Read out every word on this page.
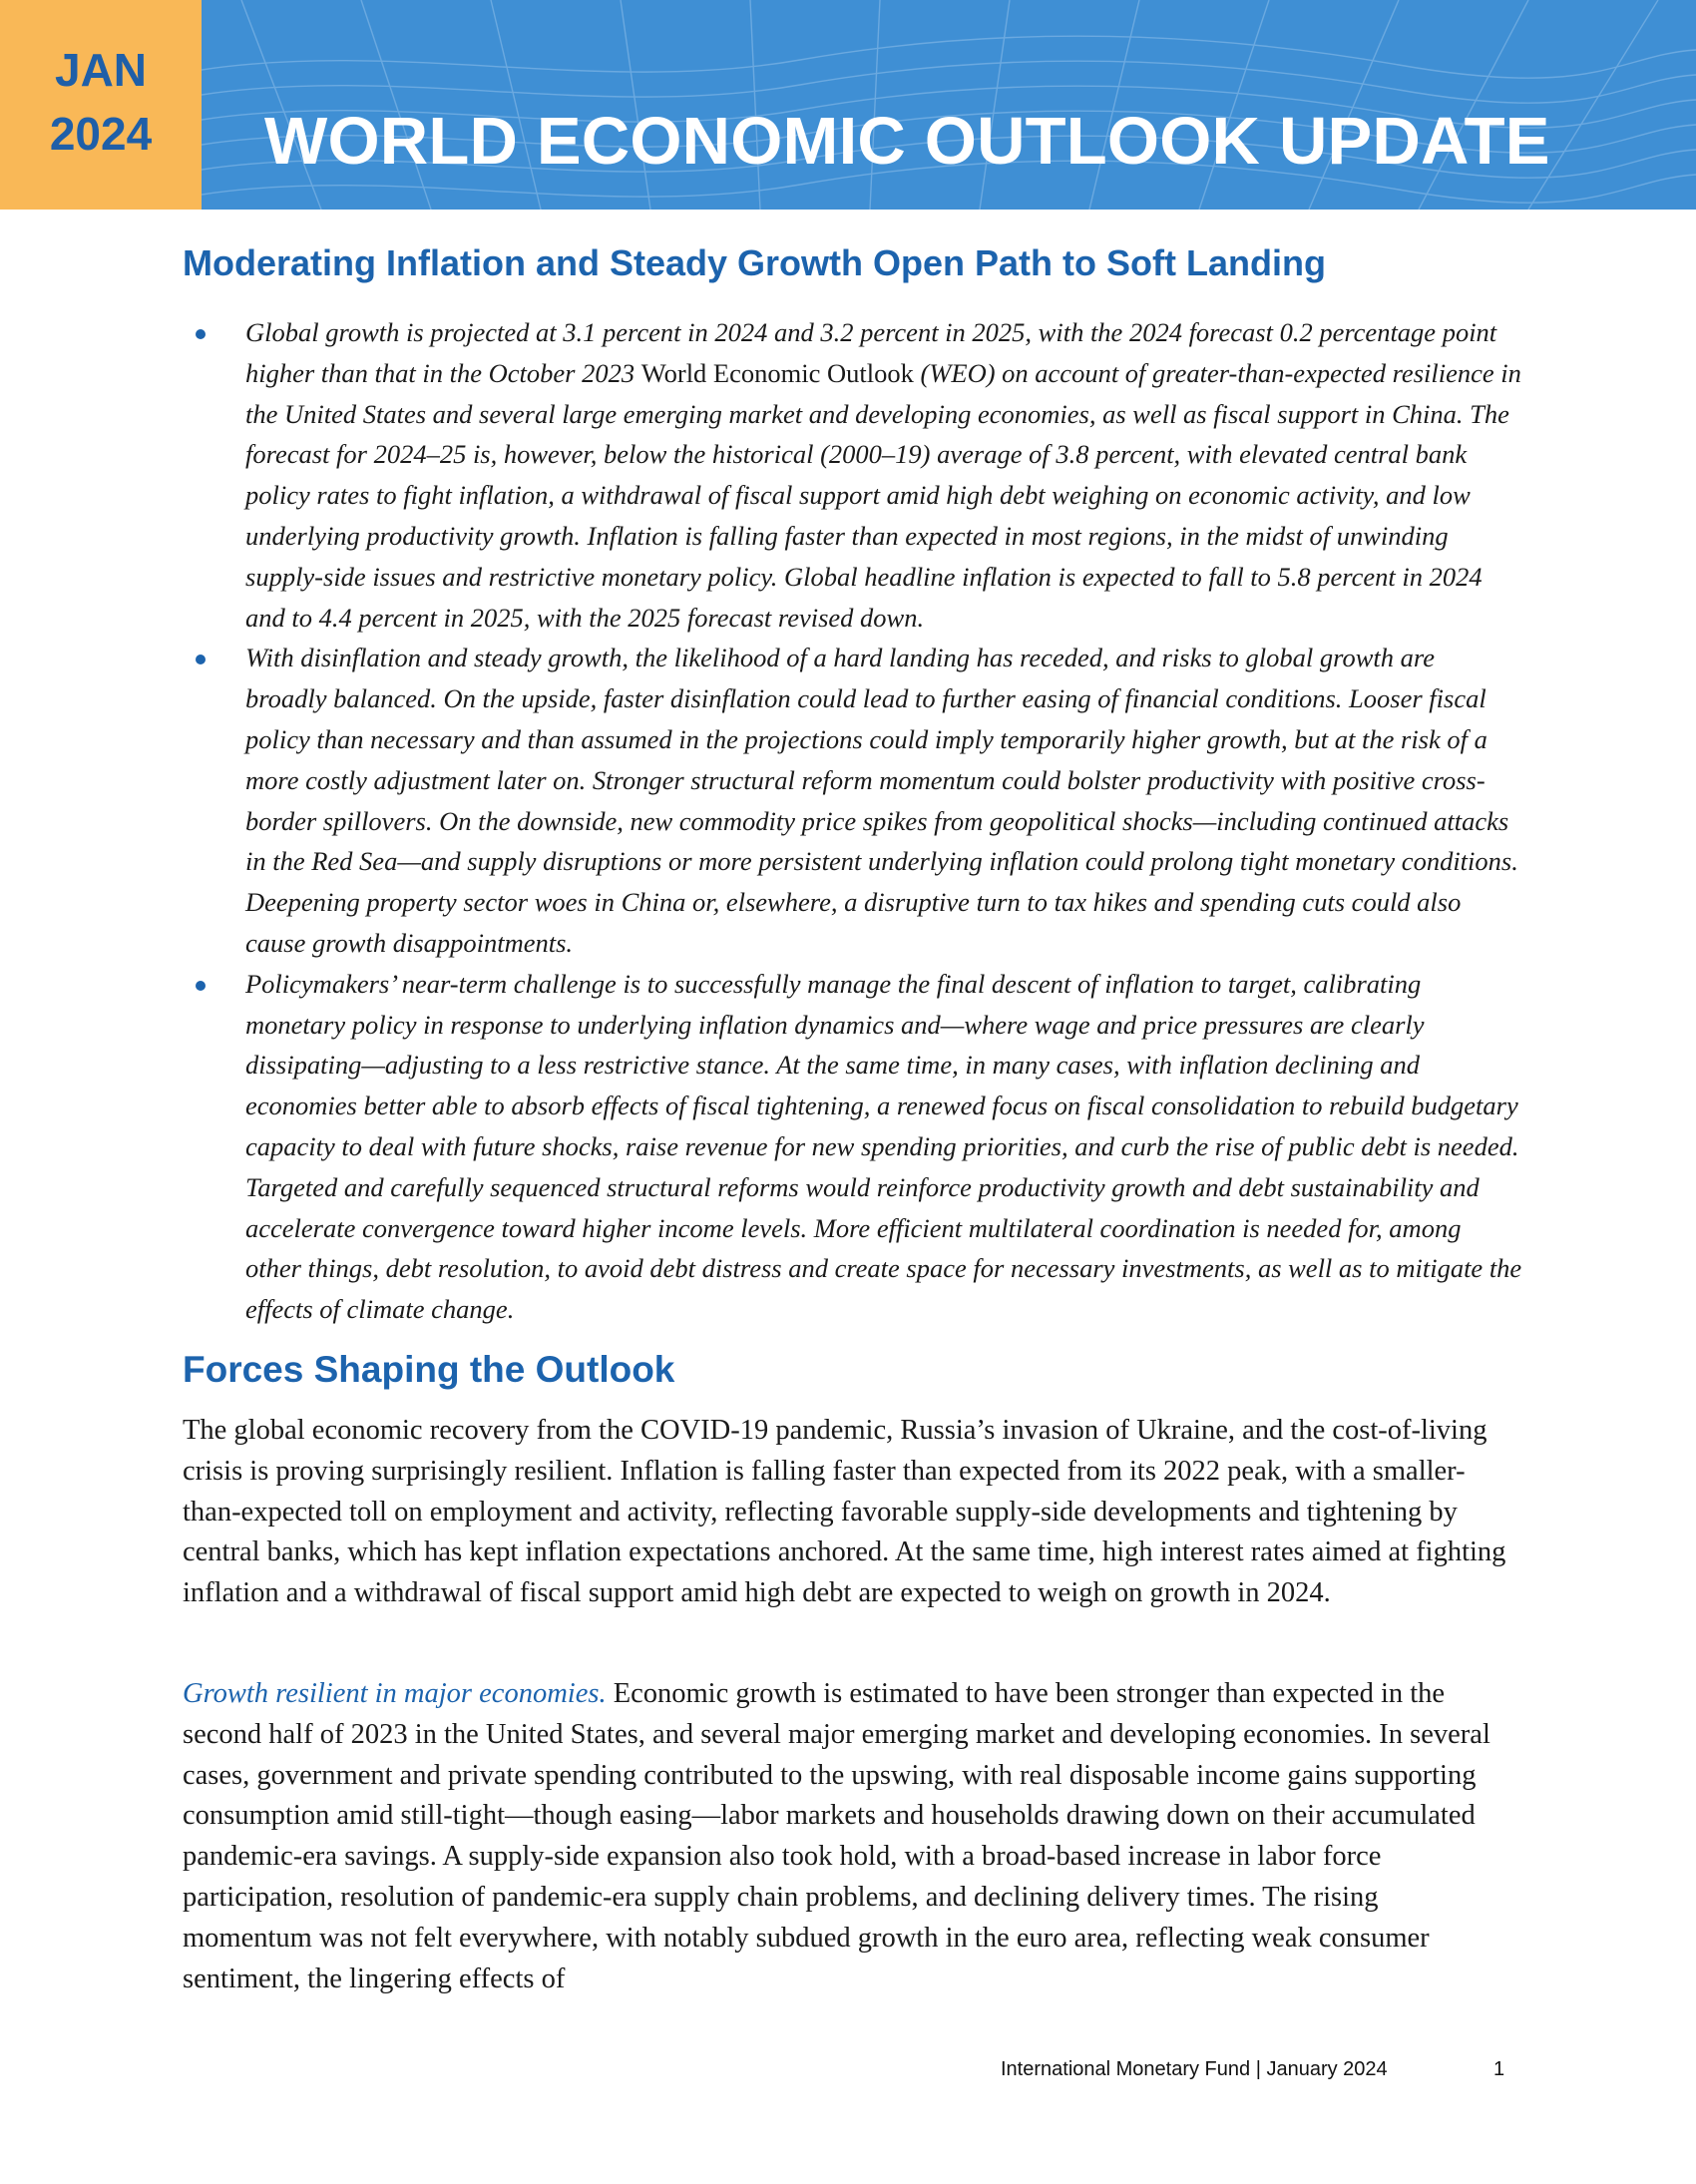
JAN
2024	WORLD ECONOMIC OUTLOOK UPDATE
Moderating Inflation and Steady Growth Open Path to Soft Landing
Global growth is projected at 3.1 percent in 2024 and 3.2 percent in 2025, with the 2024 forecast 0.2 percentage point higher than that in the October 2023 World Economic Outlook (WEO) on account of greater-than-expected resilience in the United States and several large emerging market and developing economies, as well as fiscal support in China. The forecast for 2024–25 is, however, below the historical (2000–19) average of 3.8 percent, with elevated central bank policy rates to fight inflation, a withdrawal of fiscal support amid high debt weighing on economic activity, and low underlying productivity growth. Inflation is falling faster than expected in most regions, in the midst of unwinding supply-side issues and restrictive monetary policy. Global headline inflation is expected to fall to 5.8 percent in 2024 and to 4.4 percent in 2025, with the 2025 forecast revised down.
With disinflation and steady growth, the likelihood of a hard landing has receded, and risks to global growth are broadly balanced. On the upside, faster disinflation could lead to further easing of financial conditions. Looser fiscal policy than necessary and than assumed in the projections could imply temporarily higher growth, but at the risk of a more costly adjustment later on. Stronger structural reform momentum could bolster productivity with positive cross-border spillovers. On the downside, new commodity price spikes from geopolitical shocks—including continued attacks in the Red Sea—and supply disruptions or more persistent underlying inflation could prolong tight monetary conditions. Deepening property sector woes in China or, elsewhere, a disruptive turn to tax hikes and spending cuts could also cause growth disappointments.
Policymakers’ near-term challenge is to successfully manage the final descent of inflation to target, calibrating monetary policy in response to underlying inflation dynamics and—where wage and price pressures are clearly dissipating—adjusting to a less restrictive stance. At the same time, in many cases, with inflation declining and economies better able to absorb effects of fiscal tightening, a renewed focus on fiscal consolidation to rebuild budgetary capacity to deal with future shocks, raise revenue for new spending priorities, and curb the rise of public debt is needed. Targeted and carefully sequenced structural reforms would reinforce productivity growth and debt sustainability and accelerate convergence toward higher income levels. More efficient multilateral coordination is needed for, among other things, debt resolution, to avoid debt distress and create space for necessary investments, as well as to mitigate the effects of climate change.
Forces Shaping the Outlook

The global economic recovery from the COVID-19 pandemic, Russia’s invasion of Ukraine, and the cost-of-living crisis is proving surprisingly resilient. Inflation is falling faster than expected from its 2022 peak, with a smaller-than-expected toll on employment and activity, reflecting favorable supply-side developments and tightening by central banks, which has kept inflation expectations anchored. At the same time, high interest rates aimed at fighting inflation and a withdrawal of fiscal support amid high debt are expected to weigh on growth in 2024.

Growth resilient in major economies. Economic growth is estimated to have been stronger than expected in the second half of 2023 in the United States, and several major emerging market and developing economies. In several cases, government and private spending contributed to the upswing, with real disposable income gains supporting consumption amid still-tight—though easing—labor markets and households drawing down on their accumulated pandemic-era savings. A supply-side expansion also took hold, with a broad-based increase in labor force participation, resolution of pandemic-era supply chain problems, and declining delivery times. The rising momentum was not felt everywhere, with notably subdued growth in the euro area, reflecting weak consumer sentiment, the lingering effects of

International Monetary Fund | January 2024	1
